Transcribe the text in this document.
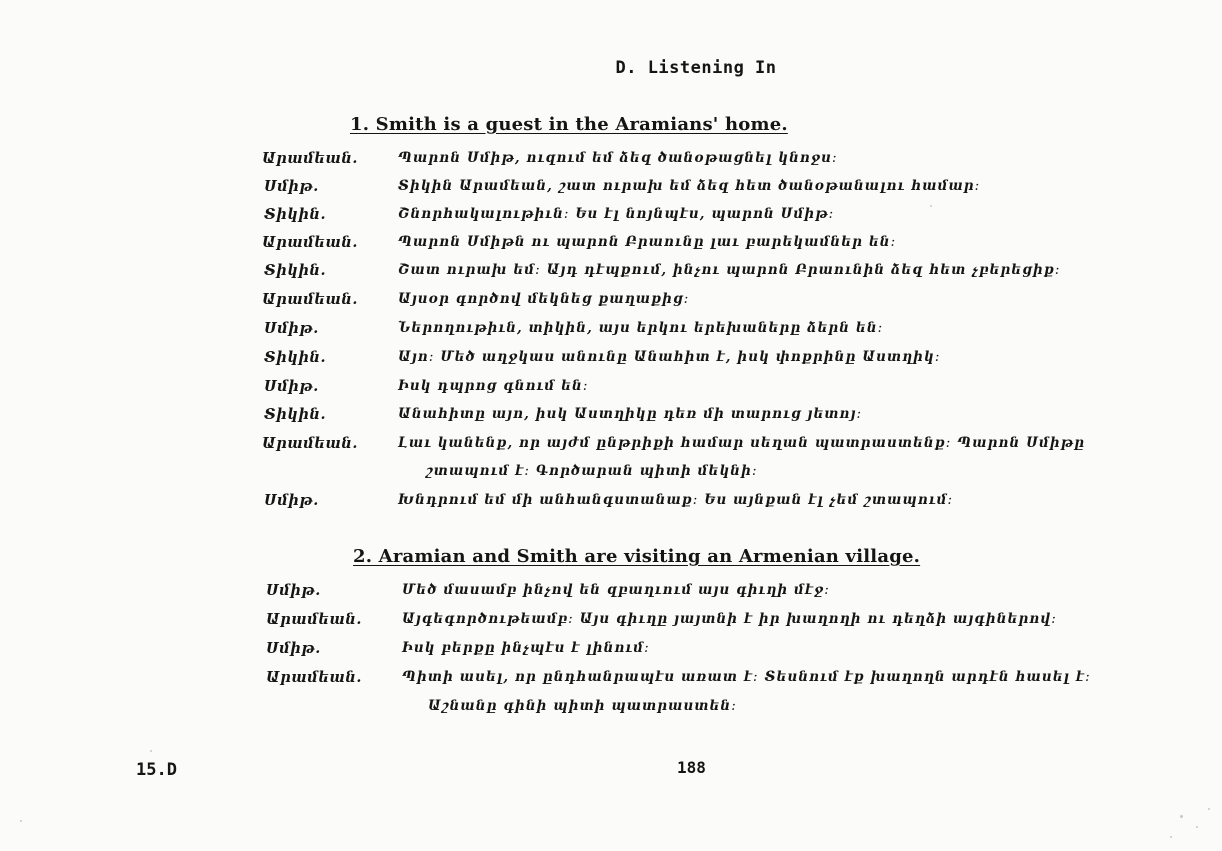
D. Listening In
1. Smith is a guest in the Aramians' home.
Արամեան․	Պարոն Սմիթ, ուզում եմ ձեզ ծանօթացնել կնոջս։
Սմիթ․	Տիկին Արամեան, շատ ուրախ եմ ձեզ հետ ծանօթանալու համար։
Տիկին․	Շնորհակալութիւն։ Ես էլ նոյնպէս, պարոն Սմիթ։
Արամեան․	Պարոն Սմիթն ու պարոն Բրաունը լաւ բարեկամներ են։
Տիկին․	Շատ ուրախ եմ։ Այդ դէպքում, ինչու պարոն Բրաունին ձեզ հետ չբերեցիք։
Արամեան․	Այսօր գործով մեկնեց քաղաքից։
Սմիթ․	Ներողութիւն, տիկին, այս երկու երեխաները ձերն են։
Տիկին․	Այո։ Մեծ աղջկաս անունը Անահիտ է, իսկ փոքրինը Աստղիկ։
Սմիթ․	Իսկ դպրոց գնում են։
Տիկին․	Անահիտը այո, իսկ Աստղիկը դեռ մի տարուց յետոյ։
Արամեան․	Լաւ կանենք, որ այժմ ընթրիքի համար սեղան պատրաստենք։ Պարոն Սմիթը
շտապում է։ Գործարան պիտի մեկնի։
Սմիթ․	Խնդրում եմ մի անհանգստանաք։ Ես այնքան էլ չեմ շտապում։
2. Aramian and Smith are visiting an Armenian village.
Սմիթ․	Մեծ մասամբ ինչով են զբաղւում այս գիւղի մէջ։
Արամեան․	Այգեգործութեամբ։ Այս գիւղը յայտնի է իր խաղողի ու դեղձի այգիներով։
Սմիթ․	Իսկ բերքը ինչպէս է լինում։
Արամեան․	Պիտի ասել, որ ընդհանրապէս առատ է։ Տեսնում էք խաղողն արդէն հասել է։
Աշնանը գինի պիտի պատրաստեն։
15.D	188
